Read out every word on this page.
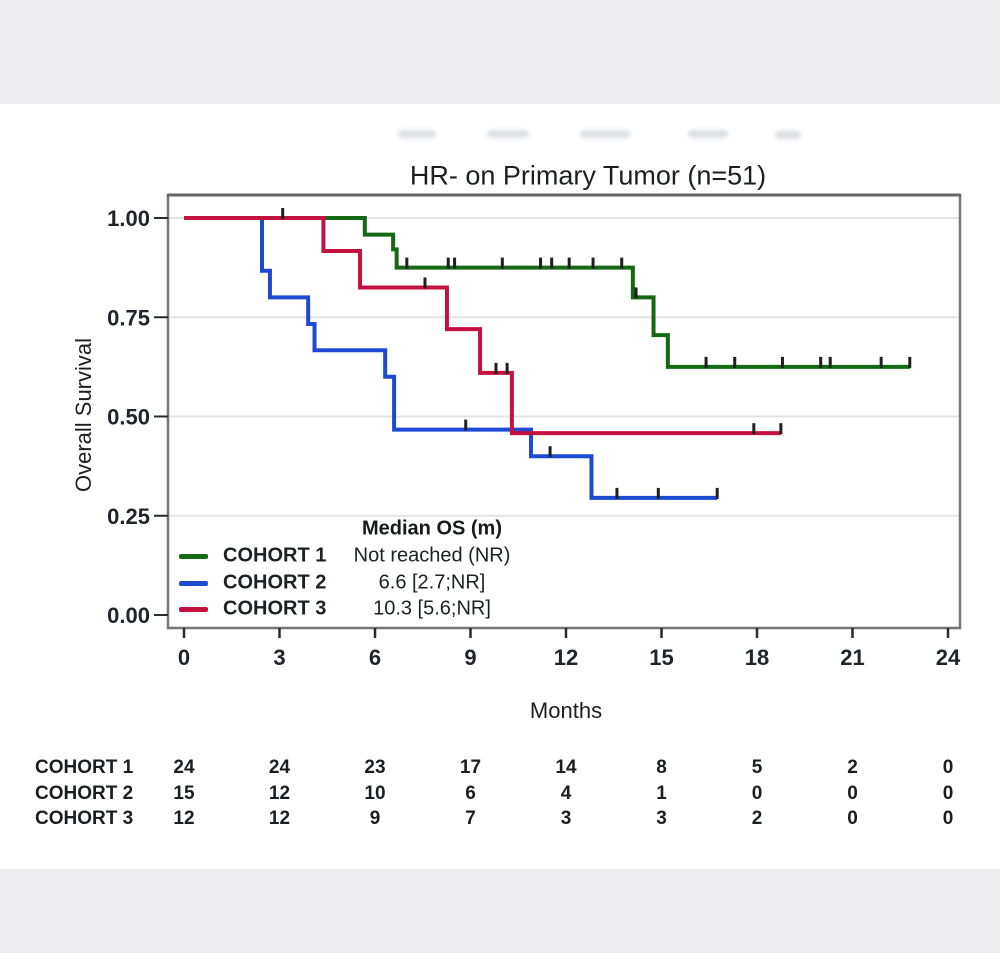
HR- on Primary Tumor (n=51)
Overall Survival
Months
0.00
0.25
0.50
0.75
1.00
0	3	6	9	12	15	18	21	24
Median OS (m)
COHORT 1 Not reached (NR)
COHORT 2	6.6 [2.7;NR]
COHORT 3 10.3 [5.6;NR]
COHORT 1 24	24	23	17	14	8	5	2	0
COHORT 2 15	12	10	6	4	1	0	0	0
COHORT 3 12	12	9	7	3	3	2	0	0
